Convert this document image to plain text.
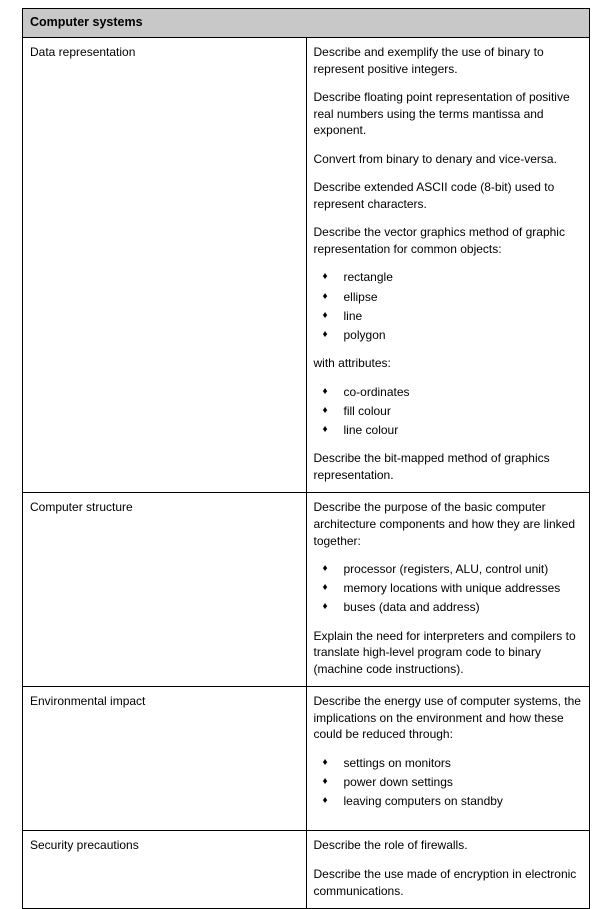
Computer systems	
Data representation	Describe and exemplify the use of binary to represent positive integers.

Describe floating point representation of positive real numbers using the terms mantissa and exponent.

Convert from binary to denary and vice-versa.

Describe extended ASCII code (8-bit) used to represent characters.

Describe the vector graphics method of graphic representation for common objects:

♦ rectangle
♦ ellipse
♦ line
♦ polygon

with attributes:

♦ co-ordinates
♦ fill colour
♦ line colour

Describe the bit-mapped method of graphics representation.

Computer structure	Describe the purpose of the basic computer architecture components and how they are linked together:

♦ processor (registers, ALU, control unit)
♦ memory locations with unique addresses
♦ buses (data and address)

Explain the need for interpreters and compilers to translate high-level program code to binary (machine code instructions).

Environmental impact	Describe the energy use of computer systems, the implications on the environment and how these could be reduced through:

♦ settings on monitors
♦ power down settings
♦ leaving computers on standby

Security precautions	Describe the role of firewalls.

Describe the use made of encryption in electronic communications.
